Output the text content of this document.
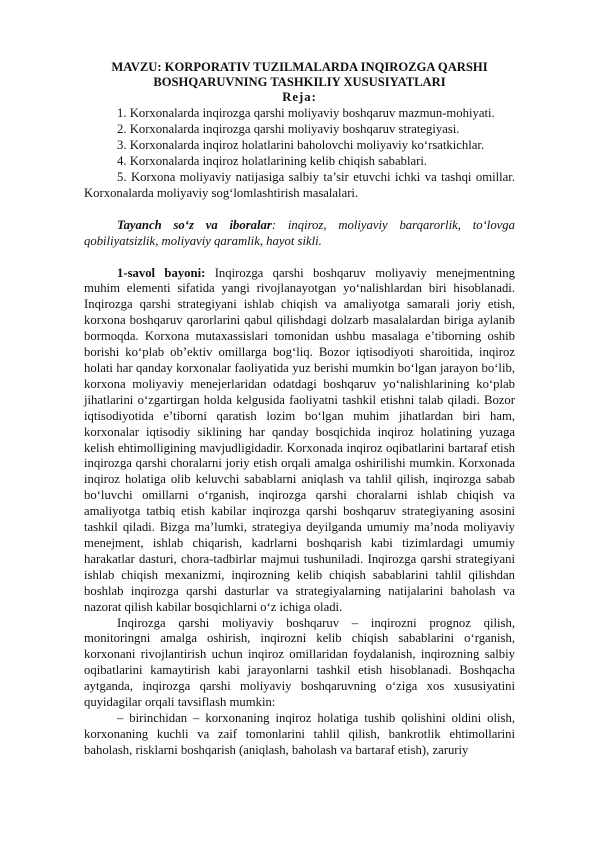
MAVZU: KORPORATIV TUZILMALARDA INQIROZGA QARSHI BOSHQARUVNING TASHKILIY XUSUSIYATLARI
Reja:
1. Korxonalarda inqirozga qarshi moliyaviy boshqaruv mazmun-mohiyati.
2. Korxonalarda inqirozga qarshi moliyaviy boshqaruv strategiyasi.
3. Korxonalarda inqiroz holatlarini baholovchi moliyaviy ko‘rsatkichlar.
4. Korxonalarda inqiroz holatlarining kelib chiqish sabablari.
5. Korxona moliyaviy natijasiga salbiy ta’sir etuvchi ichki va tashqi omillar. Korxonalarda moliyaviy sog‘lomlashtirish masalalari.

Tayanch so‘z va iboralar: inqiroz, moliyaviy barqarorlik, to‘lovga qobiliyatsizlik, moliyaviy qaramlik, hayot sikli.

1-savol bayoni: Inqirozga qarshi boshqaruv moliyaviy menejmentning muhim elementi sifatida yangi rivojlanayotgan yo‘nalishlardan biri hisoblanadi. Inqirozga qarshi strategiyani ishlab chiqish va amaliyotga samarali joriy etish, korxona boshqaruv qarorlarini qabul qilishdagi dolzarb masalalardan biriga aylanib bormoqda. Korxona mutaxassislari tomonidan ushbu masalaga e’tiborning oshib borishi ko‘plab ob’ektiv omillarga bog‘liq. Bozor iqtisodiyoti sharoitida, inqiroz holati har qanday korxonalar faoliyatida yuz berishi mumkin bo‘lgan jarayon bo‘lib, korxona moliyaviy menejerlaridan odatdagi boshqaruv yo‘nalishlarining ko‘plab jihatlarini o‘zgartirgan holda kelgusida faoliyatni tashkil etishni talab qiladi. Bozor iqtisodiyotida e’tiborni qaratish lozim bo‘lgan muhim jihatlardan biri ham, korxonalar iqtisodiy siklining har qanday bosqichida inqiroz holatining yuzaga kelish ehtimolligining mavjudligidadir. Korxonada inqiroz oqibatlarini bartaraf etish inqirozga qarshi choralarni joriy etish orqali amalga oshirilishi mumkin. Korxonada inqiroz holatiga olib keluvchi sabablarni aniqlash va tahlil qilish, inqirozga sabab bo‘luvchi omillarni o‘rganish, inqirozga qarshi choralarni ishlab chiqish va amaliyotga tatbiq etish kabilar inqirozga qarshi boshqaruv strategiyaning asosini tashkil qiladi. Bizga ma’lumki, strategiya deyilganda umumiy ma’noda moliyaviy menejment, ishlab chiqarish, kadrlarni boshqarish kabi tizimlardagi umumiy harakatlar dasturi, chora-tadbirlar majmui tushuniladi. Inqirozga qarshi strategiyani ishlab chiqish mexanizmi, inqirozning kelib chiqish sabablarini tahlil qilishdan boshlab inqirozga qarshi dasturlar va strategiyalarning natijalarini baholash va nazorat qilish kabilar bosqichlarni o‘z ichiga oladi.

Inqirozga qarshi moliyaviy boshqaruv – inqirozni prognoz qilish, monitoringni amalga oshirish, inqirozni kelib chiqish sabablarini o‘rganish, korxonani rivojlantirish uchun inqiroz omillaridan foydalanish, inqirozning salbiy oqibatlarini kamaytirish kabi jarayonlarni tashkil etish hisoblanadi. Boshqacha aytganda, inqirozga qarshi moliyaviy boshqaruvning o‘ziga xos xususiyatini quyidagilar orqali tavsiflash mumkin:

– birinchidan – korxonaning inqiroz holatiga tushib qolishini oldini olish, korxonaning kuchli va zaif tomonlarini tahlil qilish, bankrotlik ehtimollarini baholash, risklarni boshqarish (aniqlash, baholash va bartaraf etish), zaruriy
